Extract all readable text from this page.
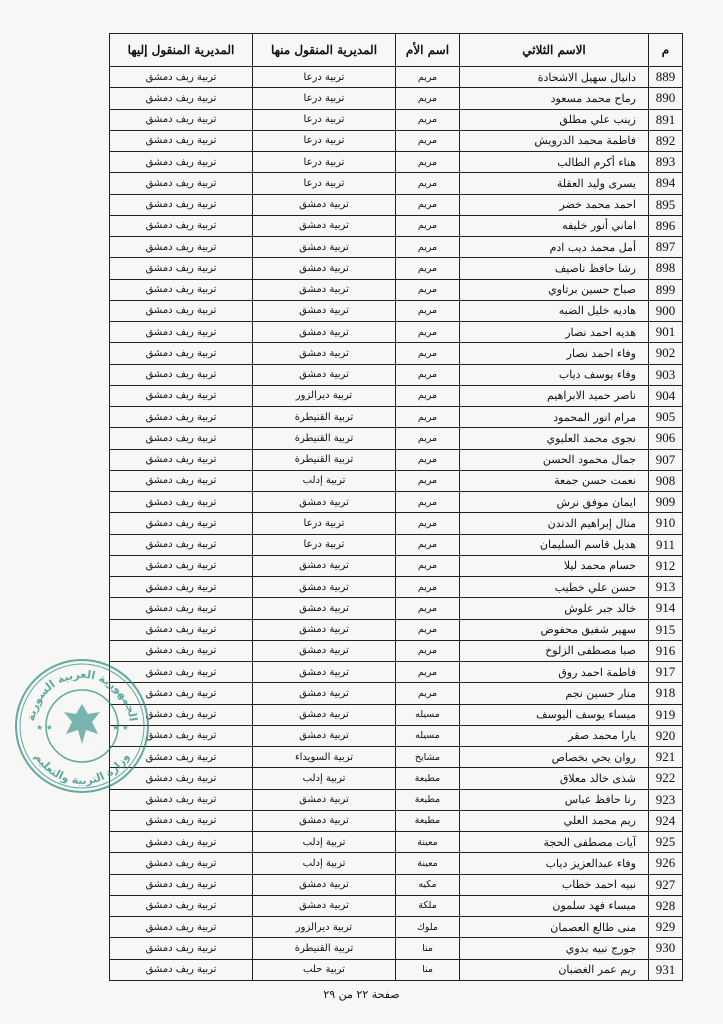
م	الاسم الثلاثي	اسم الأم	المديرية المنقول منها	المديرية المنقول إليها
889	دانيال سهيل الاشحادة	مريم	تربية درعا	تربية ريف دمشق
890	رماح محمد مسعود	مريم	تربية درعا	تربية ريف دمشق
891	زينب علي مطلق	مريم	تربية درعا	تربية ريف دمشق
892	فاطمة محمد الدرويش	مريم	تربية درعا	تربية ريف دمشق
893	هناء أكرم الطالب	مريم	تربية درعا	تربية ريف دمشق
894	يسرى وليد العقلة	مريم	تربية درعا	تربية ريف دمشق
895	احمد محمد خضر	مريم	تربية دمشق	تربية ريف دمشق
896	اماني أنور خليفه	مريم	تربية دمشق	تربية ريف دمشق
897	أمل محمد ديب ادم	مريم	تربية دمشق	تربية ريف دمشق
898	رشا حافظ ناصيف	مريم	تربية دمشق	تربية ريف دمشق
899	صباح حسين برتاوي	مريم	تربية دمشق	تربية ريف دمشق
900	هاديه خليل الضبه	مريم	تربية دمشق	تربية ريف دمشق
901	هديه احمد نصار	مريم	تربية دمشق	تربية ريف دمشق
902	وفاء احمد نصار	مريم	تربية دمشق	تربية ريف دمشق
903	وفاء يوسف دياب	مريم	تربية دمشق	تربية ريف دمشق
904	ناصر حميد الابراهيم	مريم	تربية ديرالزور	تربية ريف دمشق
905	مرام انور المحمود	مريم	تربية القنيطرة	تربية ريف دمشق
906	نجوى محمد العليوي	مريم	تربية القنيطرة	تربية ريف دمشق
907	جمال محمود الحسن	مريم	تربية القنيطرة	تربية ريف دمشق
908	نعمت حسن جمعة	مريم	تربية إدلب	تربية ريف دمشق
909	ايمان موفق نرش	مريم	تربية دمشق	تربية ريف دمشق
910	منال إبراهيم الدندن	مريم	تربية درعا	تربية ريف دمشق
911	هديل قاسم السليمان	مريم	تربية درعا	تربية ريف دمشق
912	حسام محمد ليلا	مريم	تربية دمشق	تربية ريف دمشق
913	حسن علي خطيب	مريم	تربية دمشق	تربية ريف دمشق
914	خالد جبر علوش	مريم	تربية دمشق	تربية ريف دمشق
915	سهير شفيق محفوض	مريم	تربية دمشق	تربية ريف دمشق
916	صبا مصطفى الزلوخ	مريم	تربية دمشق	تربية ريف دمشق
917	فاطمة احمد روق	مريم	تربية دمشق	تربية ريف دمشق
918	منار حسين نجم	مريم	تربية دمشق	تربية ريف دمشق
919	ميساء يوسف اليوسف	مسيله	تربية دمشق	تربية ريف دمشق
920	يارا محمد صقر	مسيله	تربية دمشق	تربية ريف دمشق
921	روان يحي بخصاص	مشايخ	تربية السويداء	تربية ريف دمشق
922	شذى خالد معلاق	مطيعة	تربية إدلب	تربية ريف دمشق
923	رنا حافظ عباس	مطيعة	تربية دمشق	تربية ريف دمشق
924	ريم محمد العلي	مطيعة	تربية دمشق	تربية ريف دمشق
925	آيات مصطفى الحجة	معينة	تربية إدلب	تربية ريف دمشق
926	وفاء عبدالعزيز دياب	معينة	تربية إدلب	تربية ريف دمشق
927	نبيه احمد خطاب	مكيه	تربية دمشق	تربية ريف دمشق
928	ميساء فهد سلمون	ملكة	تربية دمشق	تربية ريف دمشق
929	منى طالع العصمان	ملوك	تربية ديرالزور	تربية ريف دمشق
930	جورج نبيه بدوي	منا	تربية القنيطرة	تربية ريف دمشق
931	ريم عمر الغضبان	منا	تربية حلب	تربية ريف دمشق
الجمهورية العربية السورية
وزارة التربية والتعليم
★ ★	★ ★
صفحة ٢٢ من ٢٩
